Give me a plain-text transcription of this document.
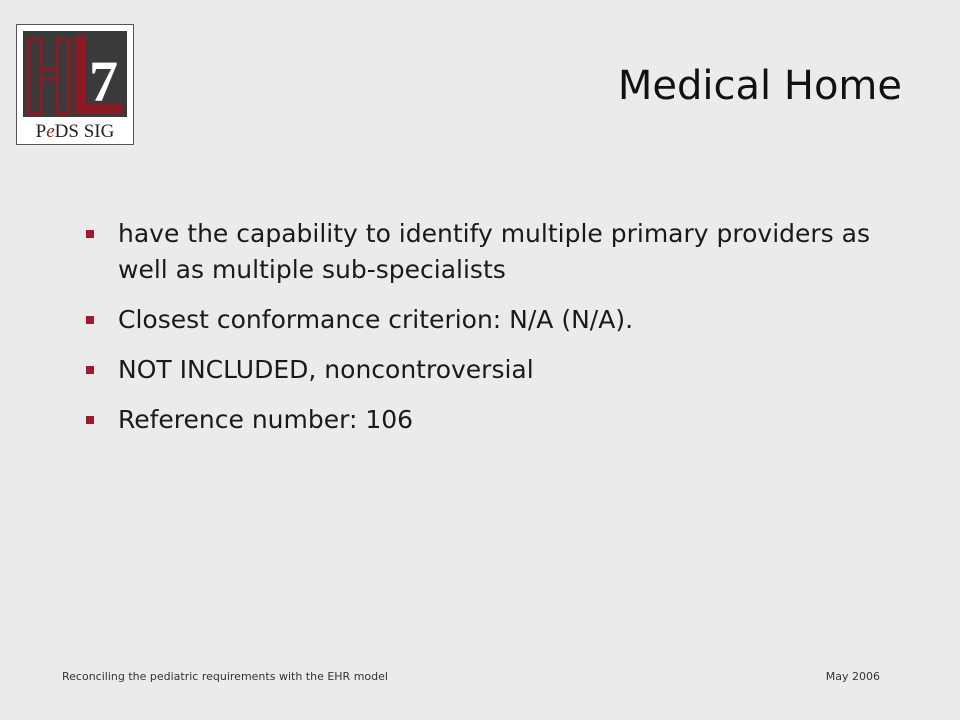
7
PeDS SIG
Medical Home
have the capability to identify multiple primary providers as well as multiple sub-specialists
Closest conformance criterion: N/A (N/A).
NOT INCLUDED, noncontroversial
Reference number: 106
Reconciling the pediatric requirements with the EHR model	May 2006
